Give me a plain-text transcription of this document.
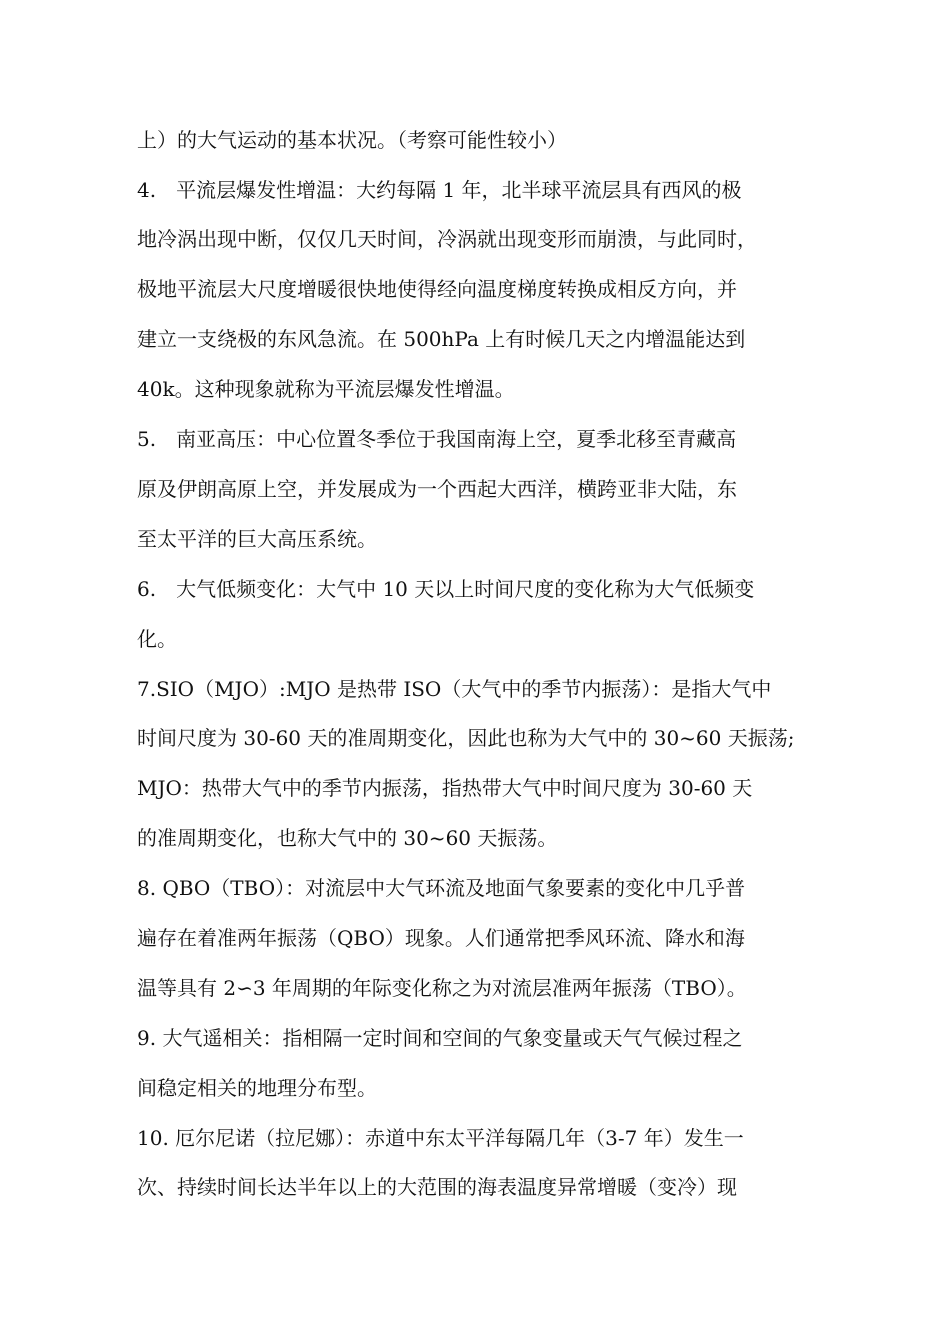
上）的大气运动的基本状况。（考察可能性较小）
4.　平流层爆发性增温：大约每隔 1 年，北半球平流层具有西风的极
地冷涡出现中断，仅仅几天时间，冷涡就出现变形而崩溃，与此同时，
极地平流层大尺度增暖很快地使得经向温度梯度转换成相反方向，并
建立一支绕极的东风急流。在 500hPa 上有时候几天之内增温能达到
40k。这种现象就称为平流层爆发性增温。
5.　南亚高压：中心位置冬季位于我国南海上空，夏季北移至青藏高
原及伊朗高原上空，并发展成为一个西起大西洋，横跨亚非大陆，东
至太平洋的巨大高压系统。
6.　大气低频变化：大气中 10 天以上时间尺度的变化称为大气低频变
化。
7.SIO（MJO）:MJO 是热带 ISO（大气中的季节内振荡）：是指大气中
时间尺度为 30-60 天的准周期变化，因此也称为大气中的 30~60 天振荡;
MJO：热带大气中的季节内振荡，指热带大气中时间尺度为 30-60 天
的准周期变化，也称大气中的 30~60 天振荡。
8. QBO（TBO）：对流层中大气环流及地面气象要素的变化中几乎普
遍存在着准两年振荡（QBO）现象。人们通常把季风环流、降水和海
温等具有 2∽3 年周期的年际变化称之为对流层准两年振荡（TBO）。
9. 大气遥相关：指相隔一定时间和空间的气象变量或天气气候过程之
间稳定相关的地理分布型。
10. 厄尔尼诺（拉尼娜）：赤道中东太平洋每隔几年（3-7 年）发生一
次、持续时间长达半年以上的大范围的海表温度异常增暖（变冷）现
